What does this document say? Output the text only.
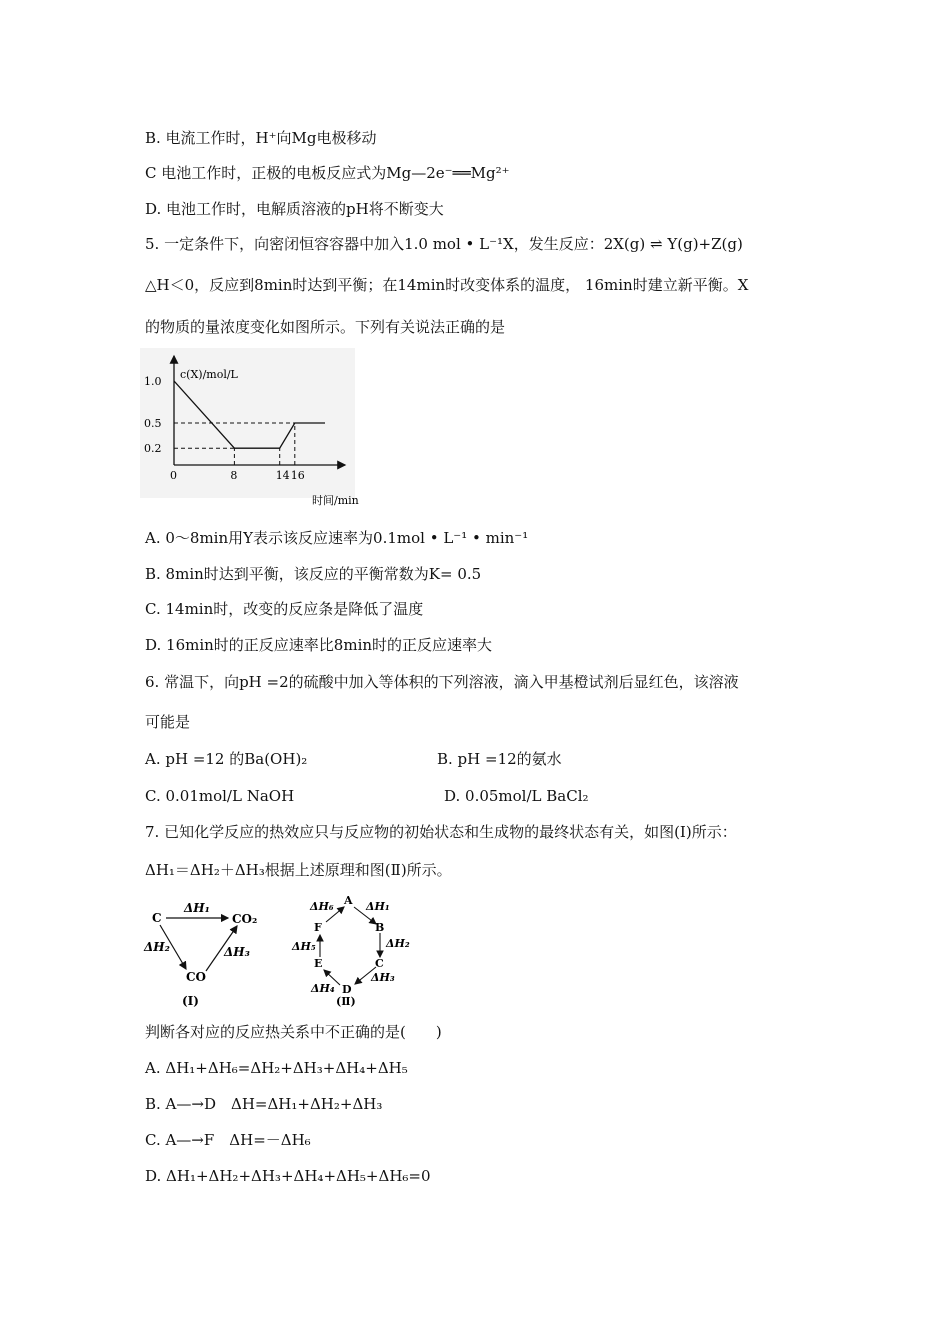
B. 电流工作时，H⁺向Mg电极移动
C 电池工作时，正极的电板反应式为Mg—2e⁻══Mg²⁺
D. 电池工作时，电解质溶液的pH将不断变大
5. 一定条件下，向密闭恒容容器中加入1.0 mol • L⁻¹X，发生反应：2X(g) ⇌ Y(g)+Z(g)
△H＜0，反应到8min时达到平衡；在14min时改变体系的温度， 16min时建立新平衡。X
的物质的量浓度变化如图所示。下列有关说法正确的是
0	8	14 16
0.2
0.5
1.0
c(X)/mol/L
时间/min
A. 0～8min用Y表示该反应速率为0.1mol • L⁻¹ • min⁻¹
B. 8min时达到平衡，该反应的平衡常数为K= 0.5
C. 14min时，改变的反应条是降低了温度
D. 16min时的正反应速率比8min时的正反应速率大
6. 常温下，向pH =2的硫酸中加入等体积的下列溶液，滴入甲基橙试剂后显红色，该溶液
可能是
A. pH =12 的Ba(OH)₂	B. pH =12的氨水
C. 0.01mol/L NaOH	D. 0.05mol/L BaCl₂
7. 已知化学反应的热效应只与反应物的初始状态和生成物的最终状态有关，如图(Ⅰ)所示：
ΔH₁＝ΔH₂＋ΔH₃根据上述原理和图(Ⅱ)所示。
C	CO₂
CO
ΔH₁
ΔH₂	ΔH₃
(Ⅰ)
A
B
C
D
E
F
ΔH₁
ΔH₂
ΔH₃
ΔH₄
ΔH₅
ΔH₆
(Ⅱ)
判断各对应的反应热关系中不正确的是(　　)
A. ΔH₁+ΔH₆=ΔH₂+ΔH₃+ΔH₄+ΔH₅
B. A—→D　ΔH=ΔH₁+ΔH₂+ΔH₃
C. A—→F　ΔH=－ΔH₆
D. ΔH₁+ΔH₂+ΔH₃+ΔH₄+ΔH₅+ΔH₆=0
